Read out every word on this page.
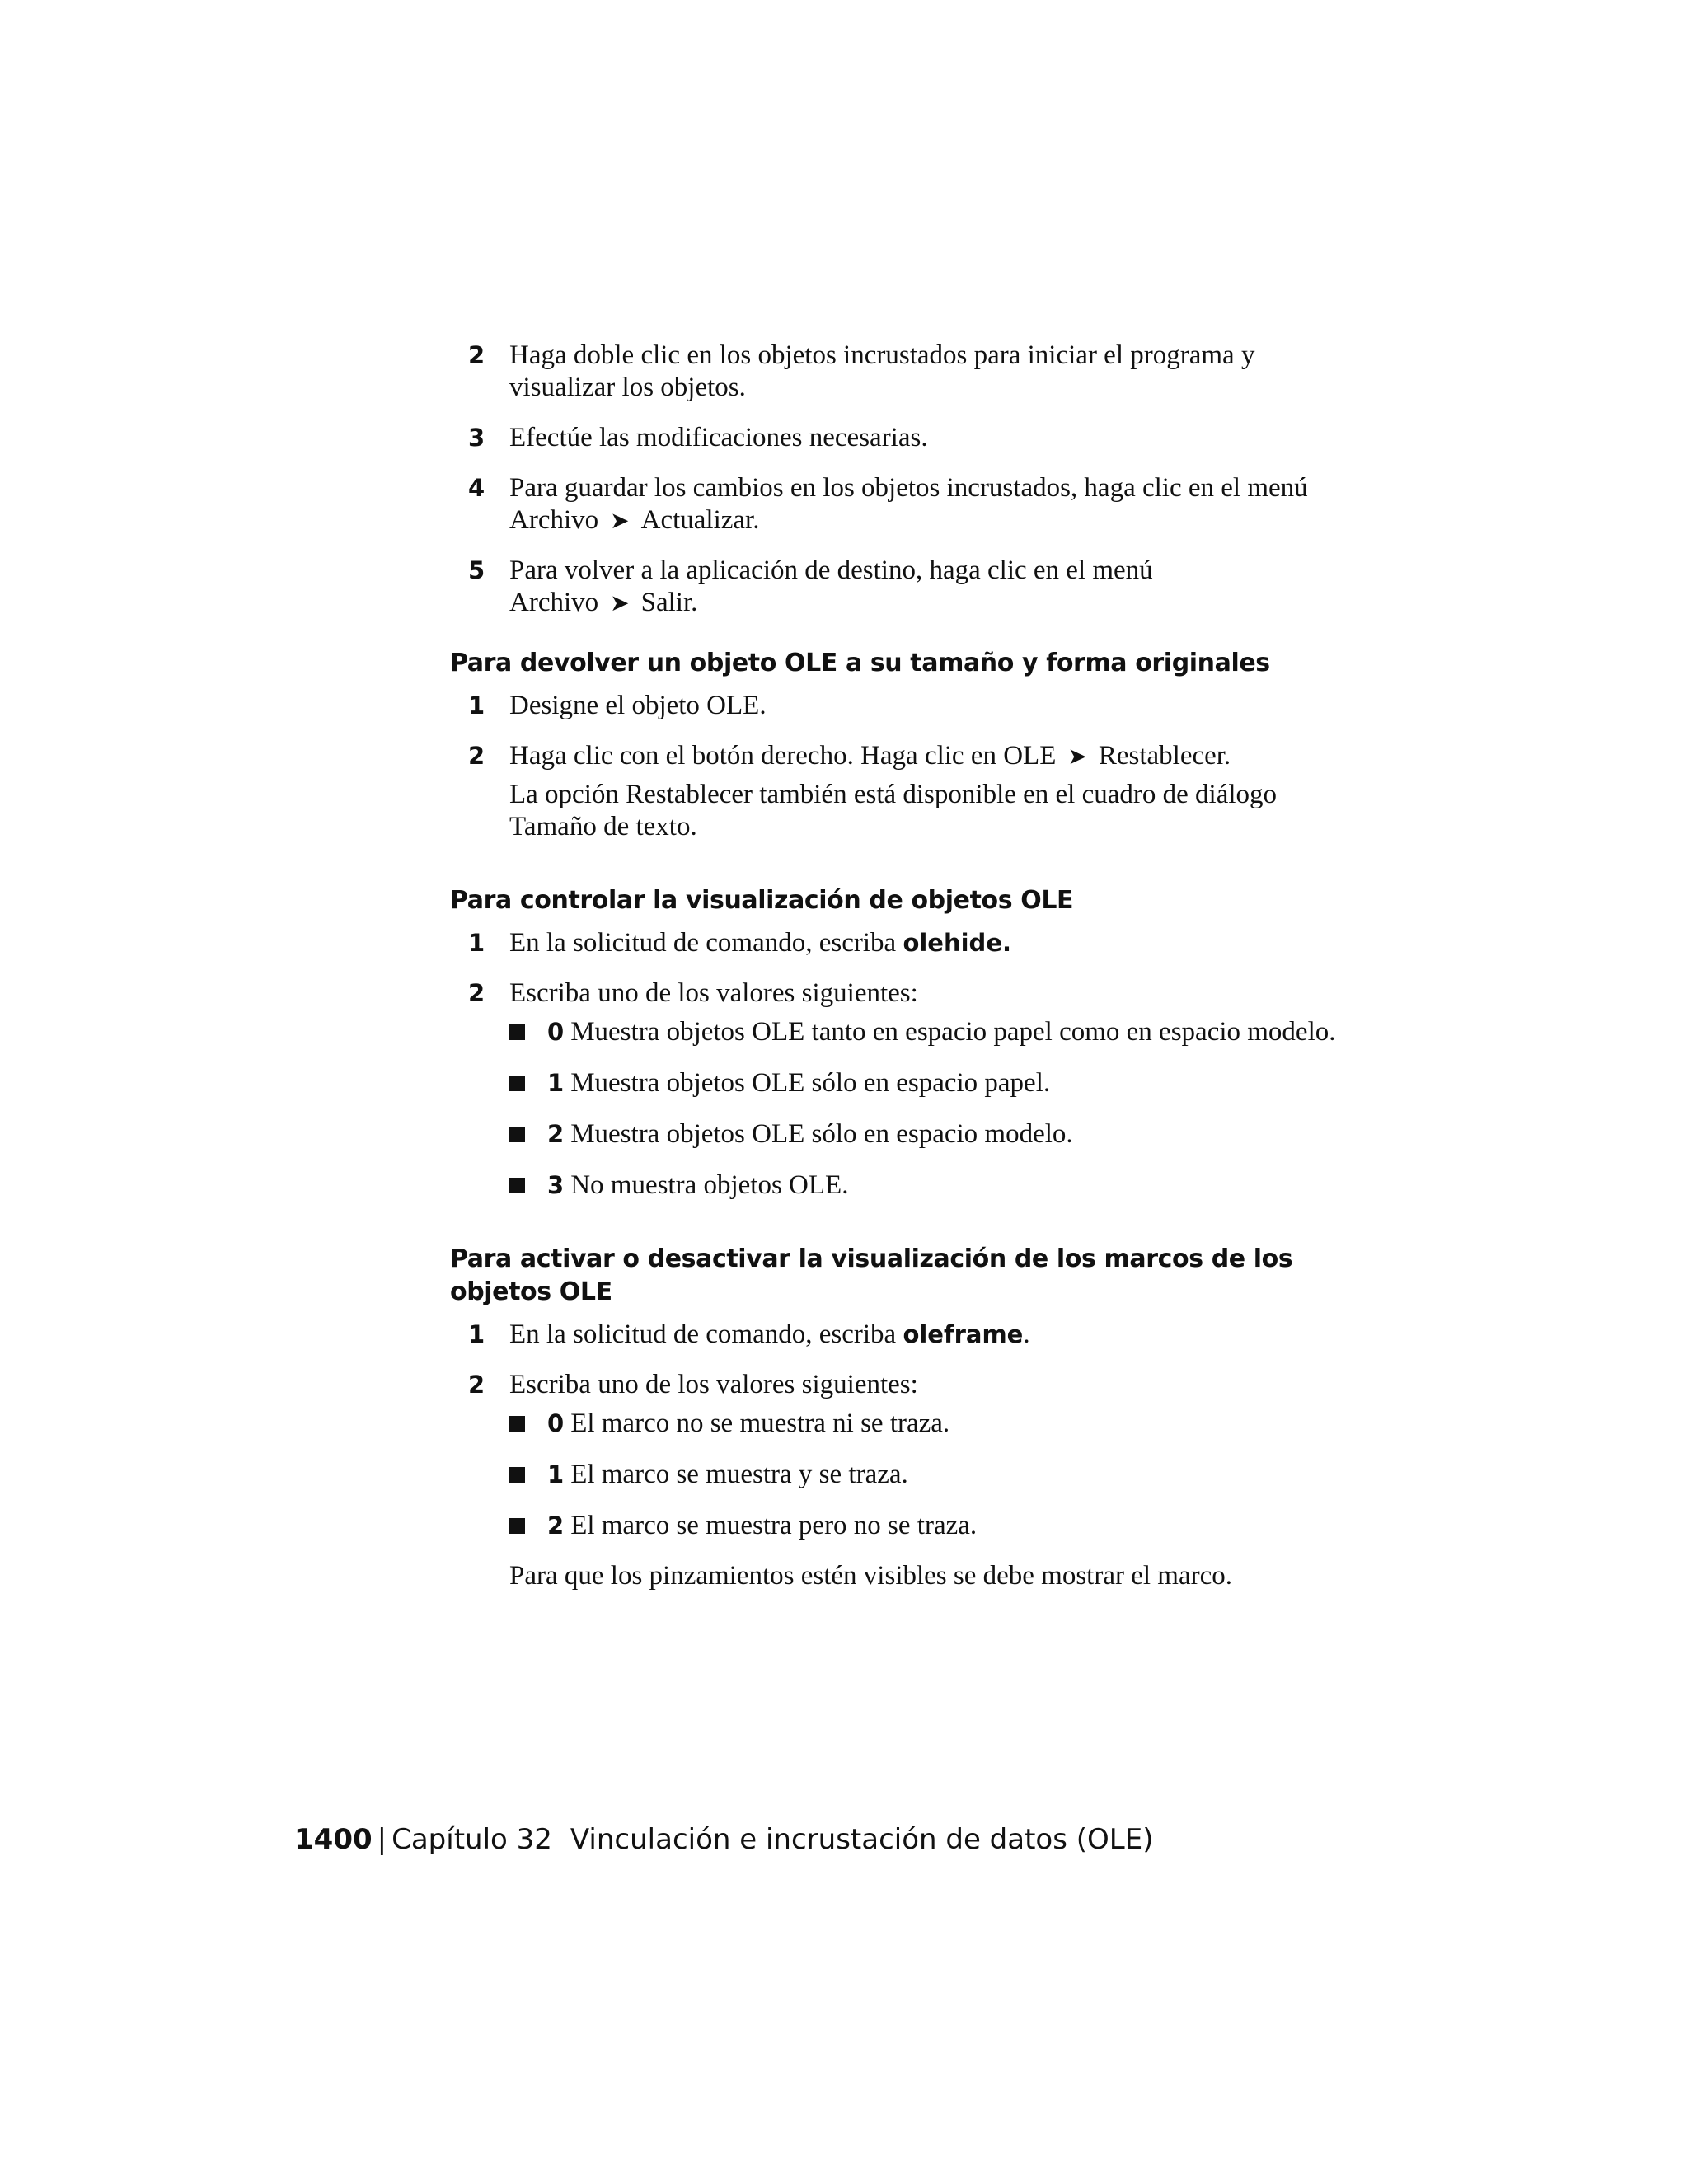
2 Haga doble clic en los objetos incrustados para iniciar el programa y visualizar los objetos.
3 Efectúe las modificaciones necesarias.
4 Para guardar los cambios en los objetos incrustados, haga clic en el menú Archivo ➤ Actualizar.
5 Para volver a la aplicación de destino, haga clic en el menú Archivo ➤ Salir.
Para devolver un objeto OLE a su tamaño y forma originales
1 Designe el objeto OLE.
2 Haga clic con el botón derecho. Haga clic en OLE ➤ Restablecer.
La opción Restablecer también está disponible en el cuadro de diálogo Tamaño de texto.
Para controlar la visualización de objetos OLE
1 En la solicitud de comando, escriba olehide.
2 Escriba uno de los valores siguientes:
0 Muestra objetos OLE tanto en espacio papel como en espacio modelo.
1 Muestra objetos OLE sólo en espacio papel.
2 Muestra objetos OLE sólo en espacio modelo.
3 No muestra objetos OLE.
Para activar o desactivar la visualización de los marcos de los objetos OLE
1 En la solicitud de comando, escriba oleframe.
2 Escriba uno de los valores siguientes:
0 El marco no se muestra ni se traza.
1 El marco se muestra y se traza.
2 El marco se muestra pero no se traza.
Para que los pinzamientos estén visibles se debe mostrar el marco.
1400 | Capítulo 32 Vinculación e incrustación de datos (OLE)
